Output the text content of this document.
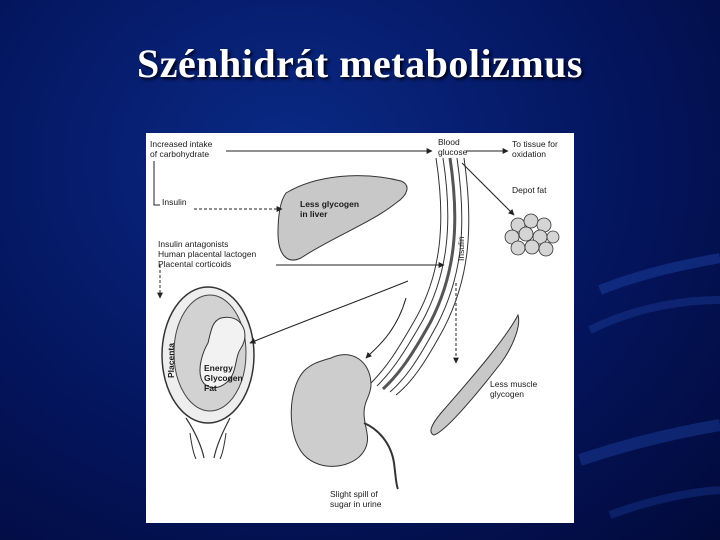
Szénhidrát metabolizmus
Increased intake
of carbohydrate
Blood
glucose
To tissue for
oxidation
Depot fat
Insulin	Less glycogen
in liver
Insulin
Insulin antagonists
Human placental lactogen
Placental corticoids
Placenta	Energy
Glycogen
Fat	Less muscle
glycogen
Slight spill of
sugar in urine
